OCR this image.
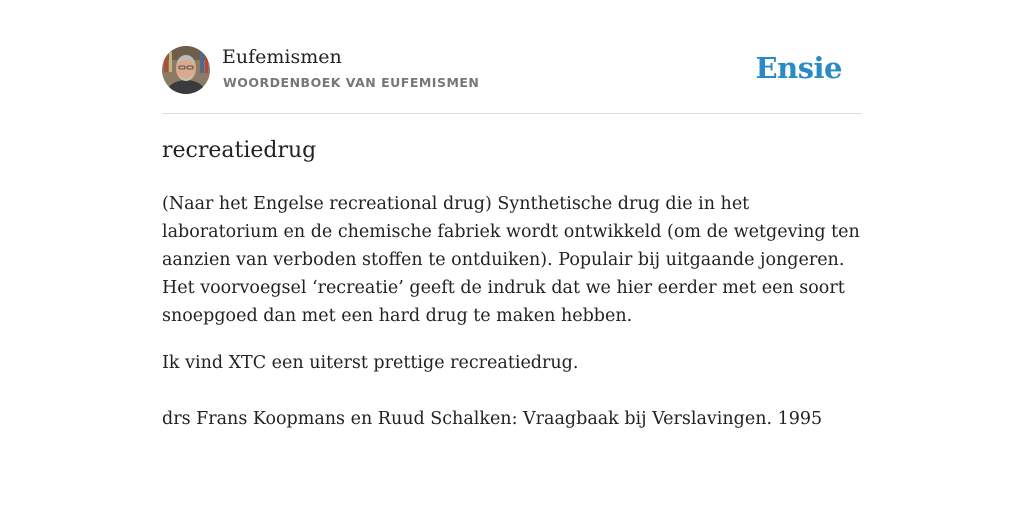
Eufemismen
WOORDENBOEK VAN EUFEMISMEN	Ensie
recreatiedrug

(Naar het Engelse recreational drug) Synthetische drug die in het laboratorium en de chemische fabriek wordt ontwikkeld (om de wetgeving ten aanzien van verboden stoffen te ontduiken). Populair bij uitgaande jongeren. Het voorvoegsel ‘recreatie’ geeft de indruk dat we hier eerder met een soort snoepgoed dan met een hard drug te maken hebben.

Ik vind XTC een uiterst prettige recreatiedrug.

drs Frans Koopmans en Ruud Schalken: Vraagbaak bij Verslavingen. 1995
